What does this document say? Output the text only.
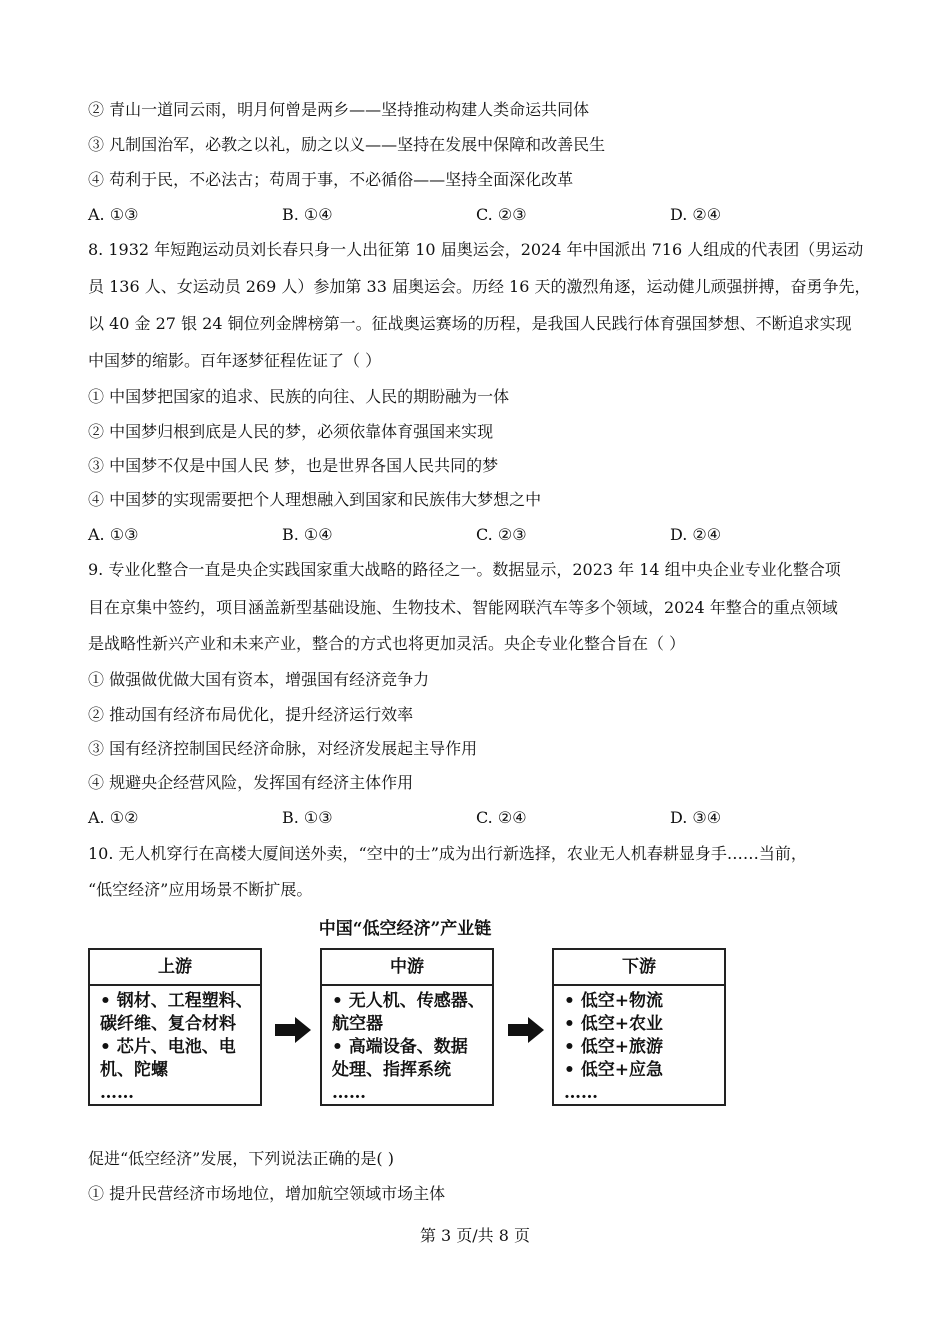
② 青山一道同云雨，明月何曾是两乡——坚持推动构建人类命运共同体
③ 凡制国治军，必教之以礼，励之以义——坚持在发展中保障和改善民生
④ 苟利于民，不必法古；苟周于事，不必循俗——坚持全面深化改革
A. ①③	B. ①④	C. ②③	D. ②④
8. 1932 年短跑运动员刘长春只身一人出征第 10 届奥运会，2024 年中国派出 716 人组成的代表团（男运动
员 136 人、女运动员 269 人）参加第 33 届奥运会。历经 16 天的激烈角逐，运动健儿顽强拼搏，奋勇争先，
以 40 金 27 银 24 铜位列金牌榜第一。征战奥运赛场的历程，是我国人民践行体育强国梦想、不断追求实现
中国梦的缩影。百年逐梦征程佐证了（ ）
① 中国梦把国家的追求、民族的向往、人民的期盼融为一体
② 中国梦归根到底是人民的梦，必须依靠体育强国来实现
③ 中国梦不仅是中国人民 梦，也是世界各国人民共同的梦
④ 中国梦的实现需要把个人理想融入到国家和民族伟大梦想之中
A. ①③	B. ①④	C. ②③	D. ②④
9. 专业化整合一直是央企实践国家重大战略的路径之一。数据显示，2023 年 14 组中央企业专业化整合项
目在京集中签约，项目涵盖新型基础设施、生物技术、智能网联汽车等多个领域，2024 年整合的重点领域
是战略性新兴产业和未来产业，整合的方式也将更加灵活。央企专业化整合旨在（ ）
① 做强做优做大国有资本，增强国有经济竞争力
② 推动国有经济布局优化，提升经济运行效率
③ 国有经济控制国民经济命脉，对经济发展起主导作用
④ 规避央企经营风险，发挥国有经济主体作用
A. ①②	B. ①③	C. ②④	D. ③④
10. 无人机穿行在高楼大厦间送外卖，“空中的士”成为出行新选择，农业无人机春耕显身手……当前，
“低空经济”应用场景不断扩展。
中国“低空经济”产业链
上游
• 钢材、工程塑料、
碳纤维、复合材料
• 芯片、电池、电
机、陀螺
……
中游
• 无人机、传感器、
航空器
• 高端设备、数据
处理、指挥系统
……
下游
• 低空+物流
• 低空+农业
• 低空+旅游
• 低空+应急
……
促进“低空经济”发展，下列说法正确的是( )
① 提升民营经济市场地位，增加航空领域市场主体
第 3 页/共 8 页
